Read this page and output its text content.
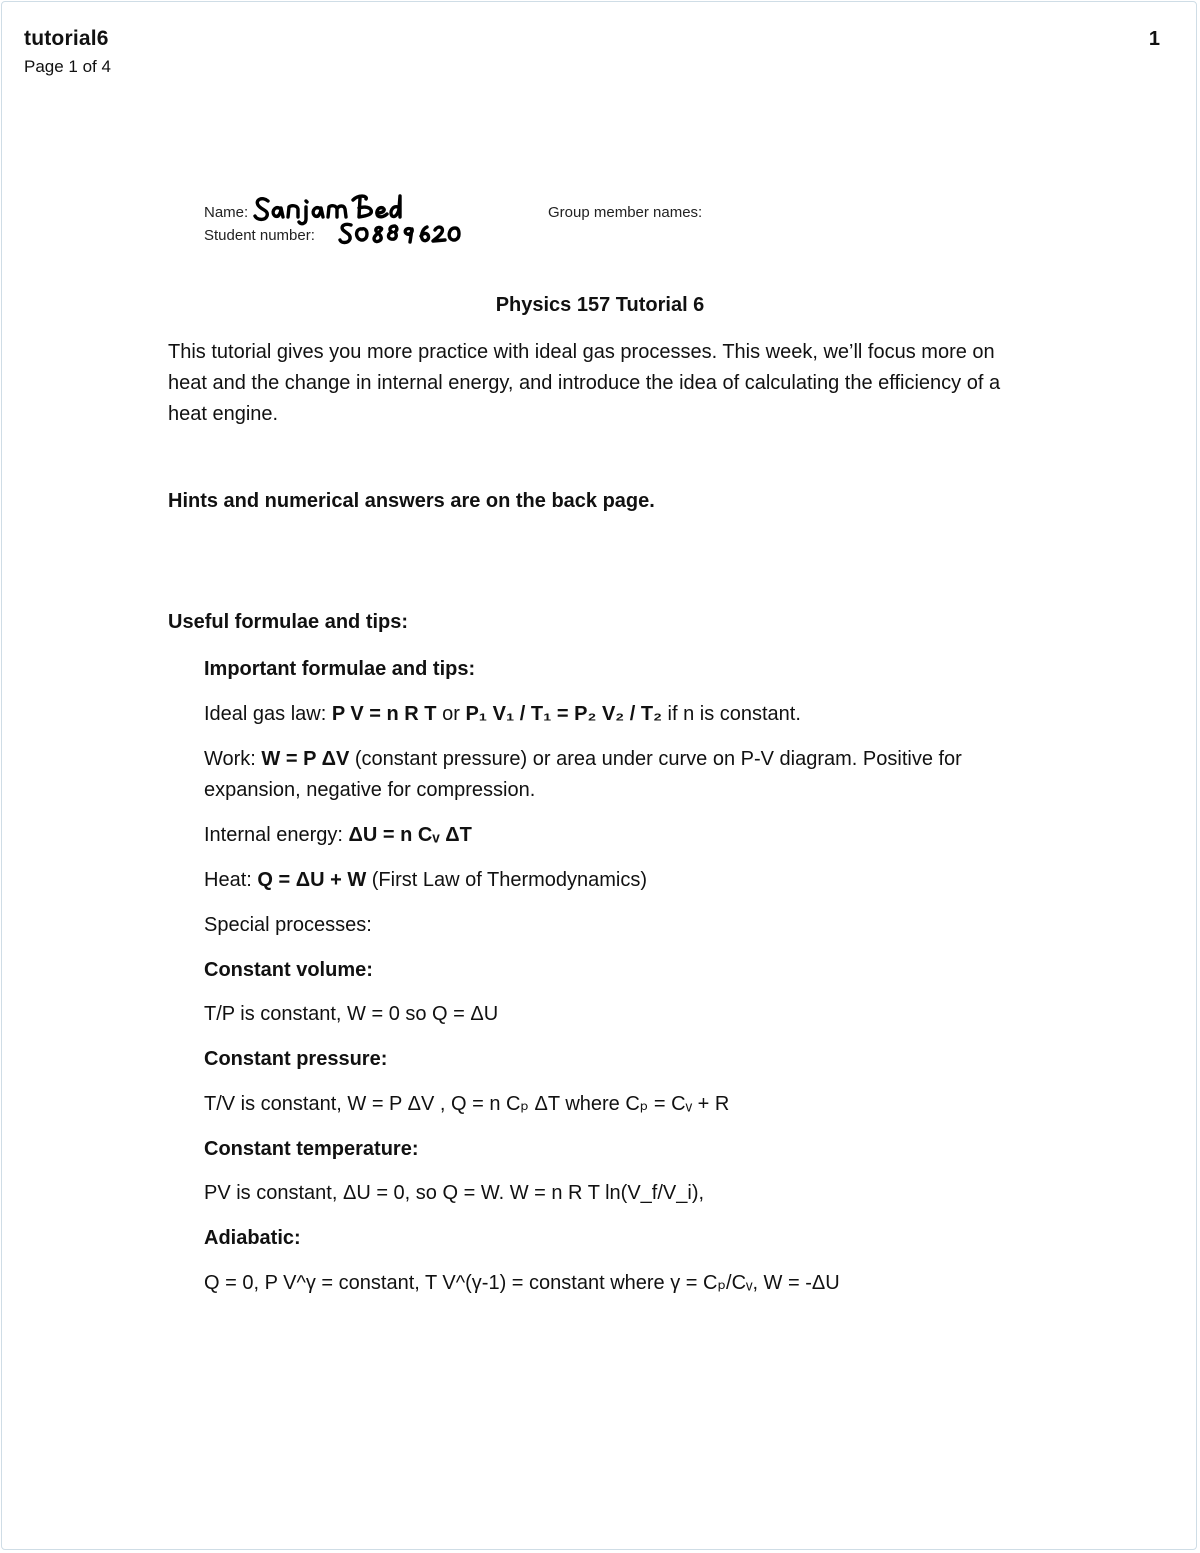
tutorial6
Page 1 of 4
1
Name:
Student number:
Group member names:
Physics 157 Tutorial 6
This tutorial gives you more practice with ideal gas processes. This week, we’ll focus more on heat and the change in internal energy, and introduce the idea of calculating the efficiency of a heat engine.
Hints and numerical answers are on the back page.
Useful formulae and tips:
Important formulae and tips:
Ideal gas law: P V = n R T or P₁ V₁ / T₁ = P₂ V₂ / T₂ if n is constant.
Work: W = P ΔV (constant pressure) or area under curve on P-V diagram. Positive for
expansion, negative for compression.
Internal energy: ΔU = n Cᵥ ΔT
Heat: Q = ΔU + W (First Law of Thermodynamics)
Special processes:
Constant volume:
T/P is constant, W = 0 so Q = ΔU
Constant pressure:
T/V is constant, W = P ΔV , Q = n Cₚ ΔT where Cₚ = Cᵥ + R
Constant temperature:
PV is constant, ΔU = 0, so Q = W. W = n R T ln(V_f/V_i),
Adiabatic:
Q = 0, P V^γ = constant, T V^(γ-1) = constant where γ = Cₚ/Cᵥ, W = -ΔU
